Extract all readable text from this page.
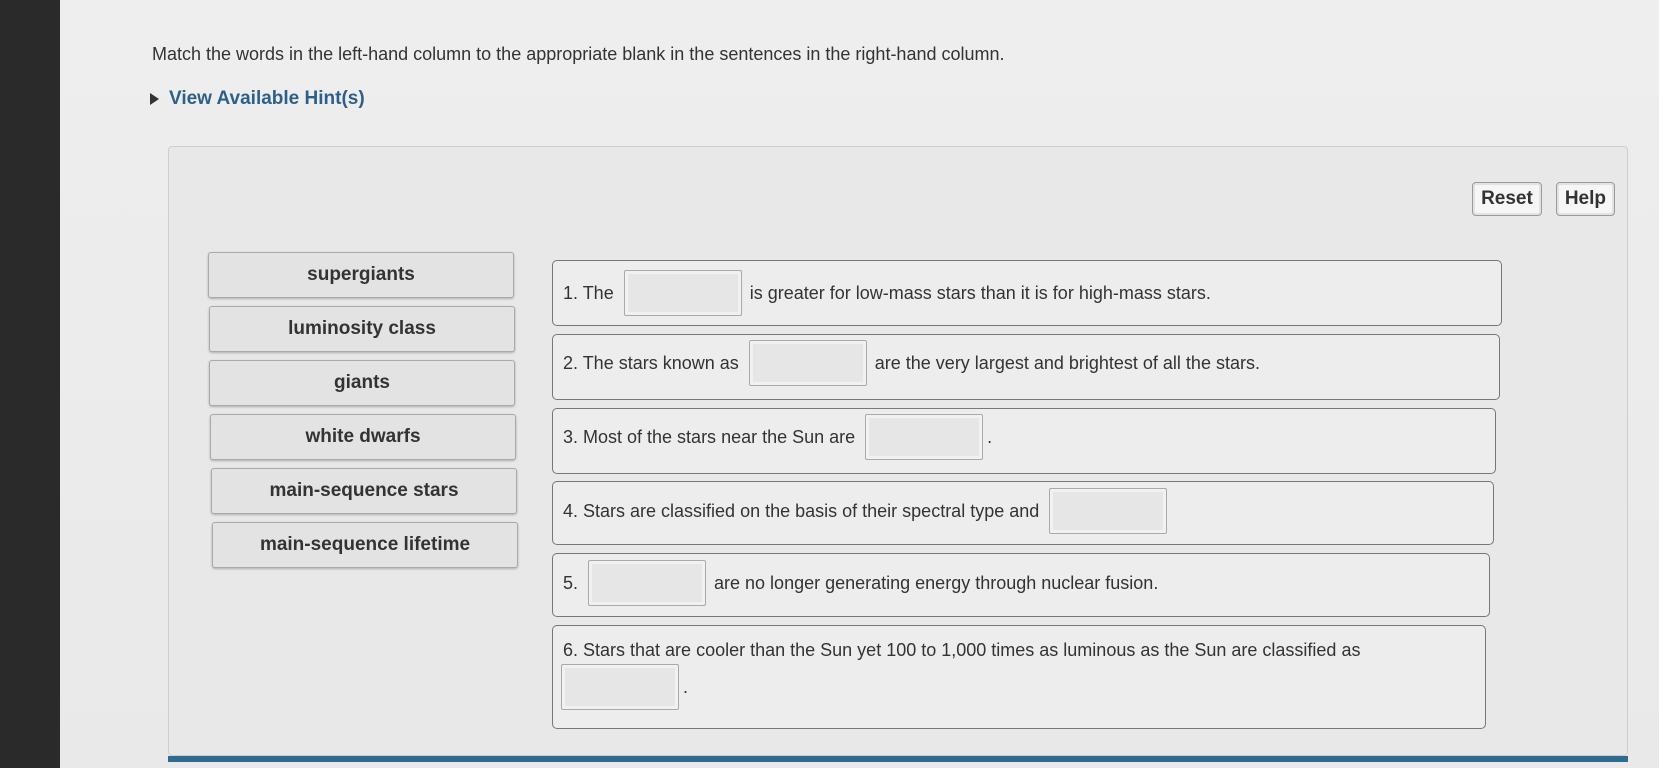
Match the words in the left-hand column to the appropriate blank in the sentences in the right-hand column.
View Available Hint(s)
Reset	Help
supergiants
luminosity class
giants
white dwarfs
main-sequence stars
main-sequence lifetime
1. The	is greater for low-mass stars than it is for high-mass stars.
2. The stars known as	are the very largest and brightest of all the stars.
3. Most of the stars near the Sun are	.
4. Stars are classified on the basis of their spectral type and
5.	are no longer generating energy through nuclear fusion.
6. Stars that are cooler than the Sun yet 100 to 1,000 times as luminous as the Sun are classified as
.
